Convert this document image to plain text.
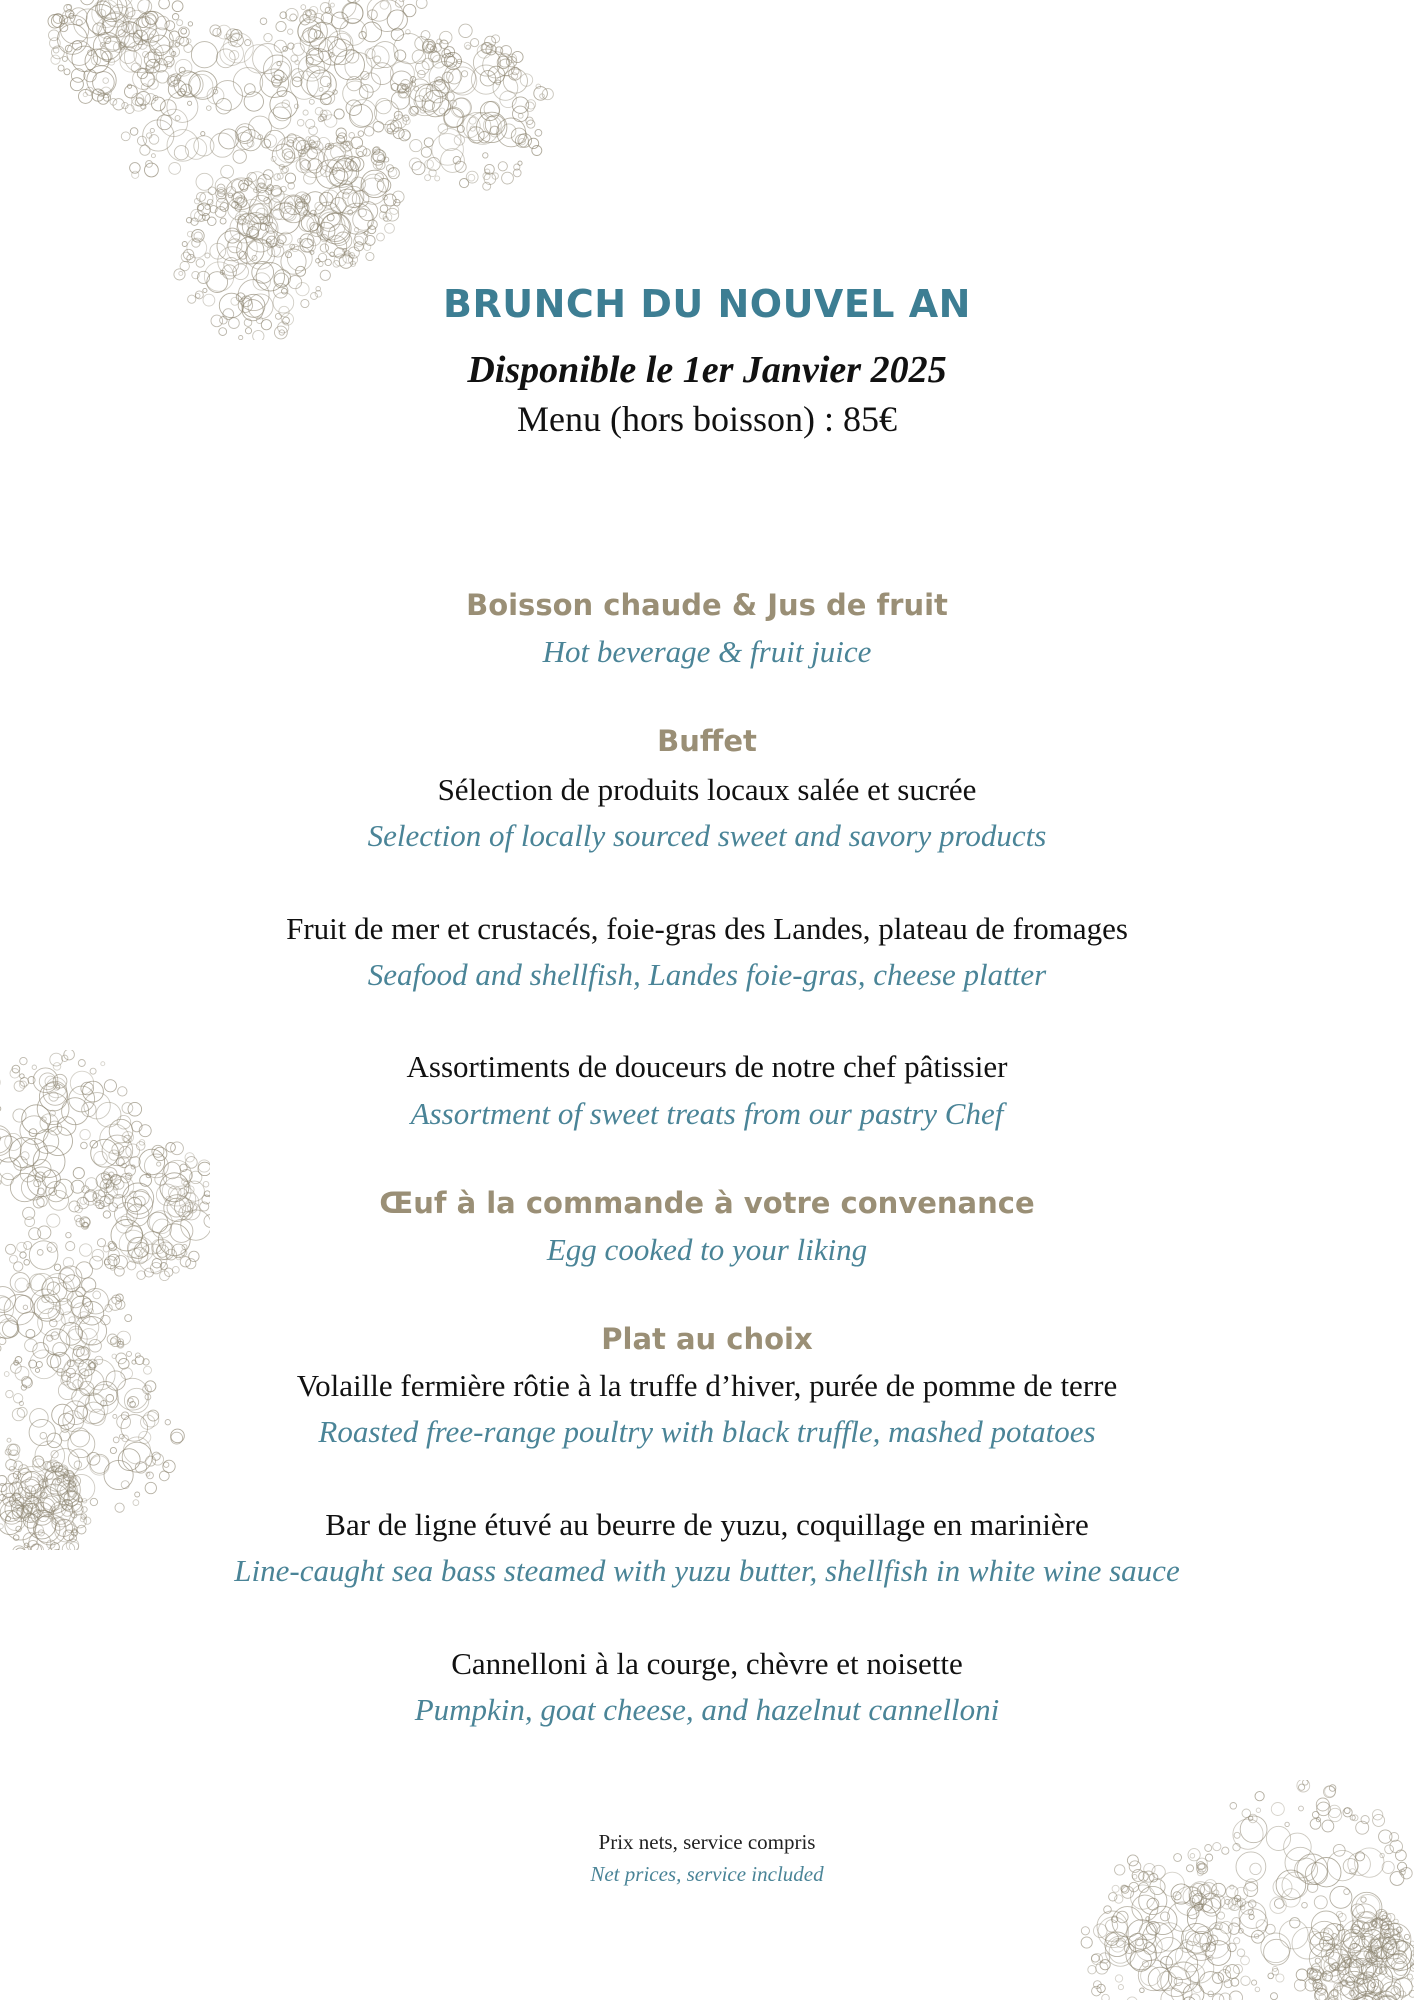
BRUNCH DU NOUVEL AN
Disponible le 1er Janvier 2025
Menu (hors boisson) : 85€
Boisson chaude & Jus de fruit
Hot beverage & fruit juice
Buffet
Sélection de produits locaux salée et sucrée
Selection of locally sourced sweet and savory products
Fruit de mer et crustacés, foie-gras des Landes, plateau de fromages
Seafood and shellfish, Landes foie-gras, cheese platter
Assortiments de douceurs de notre chef pâtissier
Assortment of sweet treats from our pastry Chef
Œuf à la commande à votre convenance
Egg cooked to your liking
Plat au choix
Volaille fermière rôtie à la truffe d’hiver, purée de pomme de terre
Roasted free-range poultry with black truffle, mashed potatoes
Bar de ligne étuvé au beurre de yuzu, coquillage en marinière
Line-caught sea bass steamed with yuzu butter, shellfish in white wine sauce
Cannelloni à la courge, chèvre et noisette
Pumpkin, goat cheese, and hazelnut cannelloni
Prix nets, service compris
Net prices, service included
